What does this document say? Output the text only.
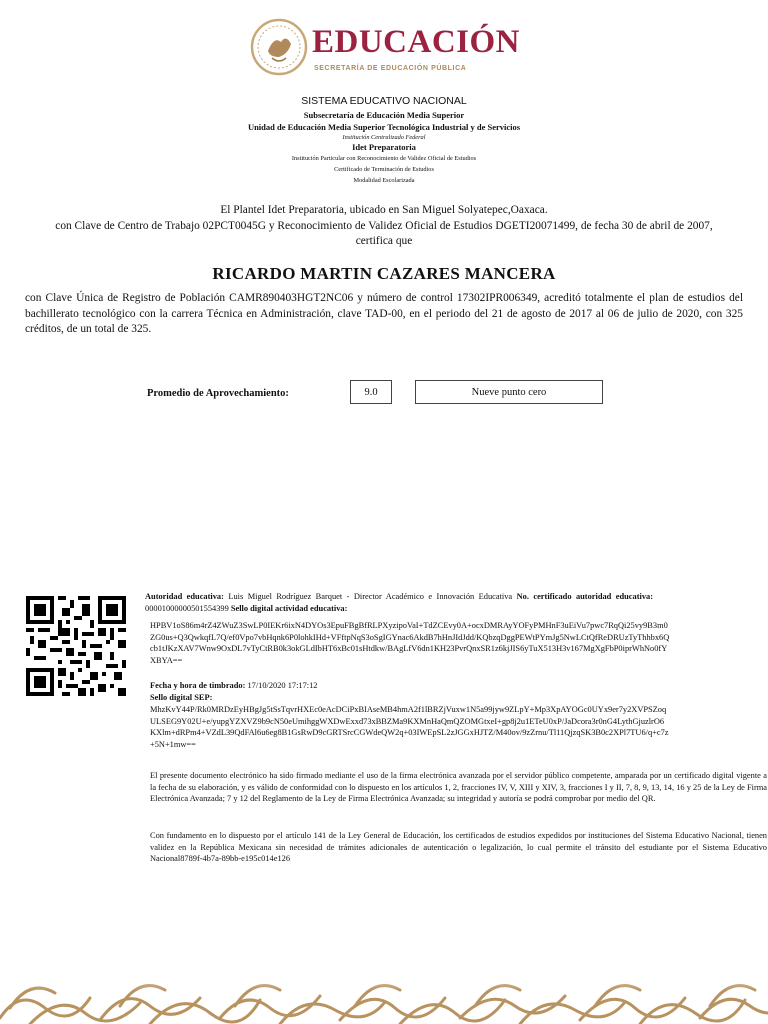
EDUCACIÓN
SECRETARÍA DE EDUCACIÓN PÚBLICA
SISTEMA EDUCATIVO NACIONAL
Subsecretaría de Educación Media Superior
Unidad de Educación Media Superior Tecnológica Industrial y de Servicios
Institución Centralizado Federal
Idet Preparatoria
Institución Particular con Reconocimiento de Validez Oficial de Estudios
Certificado de Terminación de Estudios
Modalidad Escolarizada
El Plantel Idet Preparatoria, ubicado en San Miguel Solyatepec,Oaxaca.
con Clave de Centro de Trabajo 02PCT0045G y Reconocimiento de Validez Oficial de Estudios DGETI20071499, de fecha 30 de abril de 2007, certifica que
RICARDO MARTIN CAZARES MANCERA
con Clave Única de Registro de Población CAMR890403HGT2NC06 y número de control 17302IPR006349, acreditó totalmente el plan de estudios del bachillerato tecnológico con la carrera Técnica en Administración, clave TAD-00, en el periodo del 21 de agosto de 2017 al 06 de julio de 2020, con 325 créditos, de un total de 325.
Promedio de Aprovechamiento:	9.0	Nueve punto cero
Autoridad educativa: Luis Miguel Rodríguez Barquet - Director Académico e Innovación Educativa No. certificado autoridad educativa: 00001000000501554399 Sello digital actividad educativa:
HPBV1oS86m4rZ4ZWuZ3SwLP0IEKr6ixN4DYOs3EpuFBgBfRLPXyzipoVaI+TdZCEvy0A+ocxDMRAyYOFyPMHnF3uEiVu7pwc7RqQi25vy9B3m0ZG0us+Q3QwkqfL7Q/ef0Vpo7vbHqnk6P0lohkIHd+VFftpNqS3oSgIGYnac6AkdB7hHnJIdJdd/KQbzqDggPEWtPYmJg5NwLCtQfReDRUzTyThhbx6Qcb1tJKzXAV7Wnw9OxDL7vTyCtRB0k3okGLdIbHT6xBc01sHtdkw/BAgLfV6dn1KH23PvrQnxSR1z6kjJIS6yTuX513H3v167MgXgFbP0iprWhNo0fYXBYA==
Fecha y hora de timbrado: 17/10/2020 17:17:12
Sello digital SEP:
MhzKvY44P/Rk0MRDzEyHBgJg5tSsTqvrHXEc0eAcDCiPxBIAseMB4hmA2f1lBRZjVuxw1N5a99jyw9ZLpY+Mp3XpAYOGc0UYx9er7y2XVPSZoqULSEG9Y02U+e/yupgYZXVZ9b9cN50eUmihggWXDwExxd73xBBZMa9KXMnHaQmQZOMGtxeI+gp8j2u1ETeU0xP/JaDcora3r0nG4LythGjuzlrO6KXlm+dRPm4+VZdL39QdFAl6u6eg8B1GsRwD9cGRTSrcCGWdeQW2q+03IWEpSL2zJGGxHJTZ/M40ov/9zZrnu/Tl11QjzqSK3B0c2XPl7TU6/q+c7z+5N+1mw==
El presente documento electrónico ha sido firmado mediante el uso de la firma electrónica avanzada por el servidor público competente, amparada por un certificado digital vigente a la fecha de su elaboración, y es válido de conformidad con lo dispuesto en los artículos 1, 2, fracciones IV, V, XIII y XIV, 3, fracciones I y II, 7, 8, 9, 13, 14, 16 y 25 de la Ley de Firma Electrónica Avanzada; 7 y 12 del Reglamento de la Ley de Firma Electrónica Avanzada; su integridad y autoría se podrá comprobar por medio del QR.
Con fundamento en lo dispuesto por el artículo 141 de la Ley General de Educación, los certificados de estudios expedidos por instituciones del Sistema Educativo Nacional, tienen validez en la República Mexicana sin necesidad de trámites adicionales de autenticación o legalización, lo cual permite el tránsito del estudiante por el Sistema Educativo Nacional8789f-4b7a-89bb-e195c014e126
